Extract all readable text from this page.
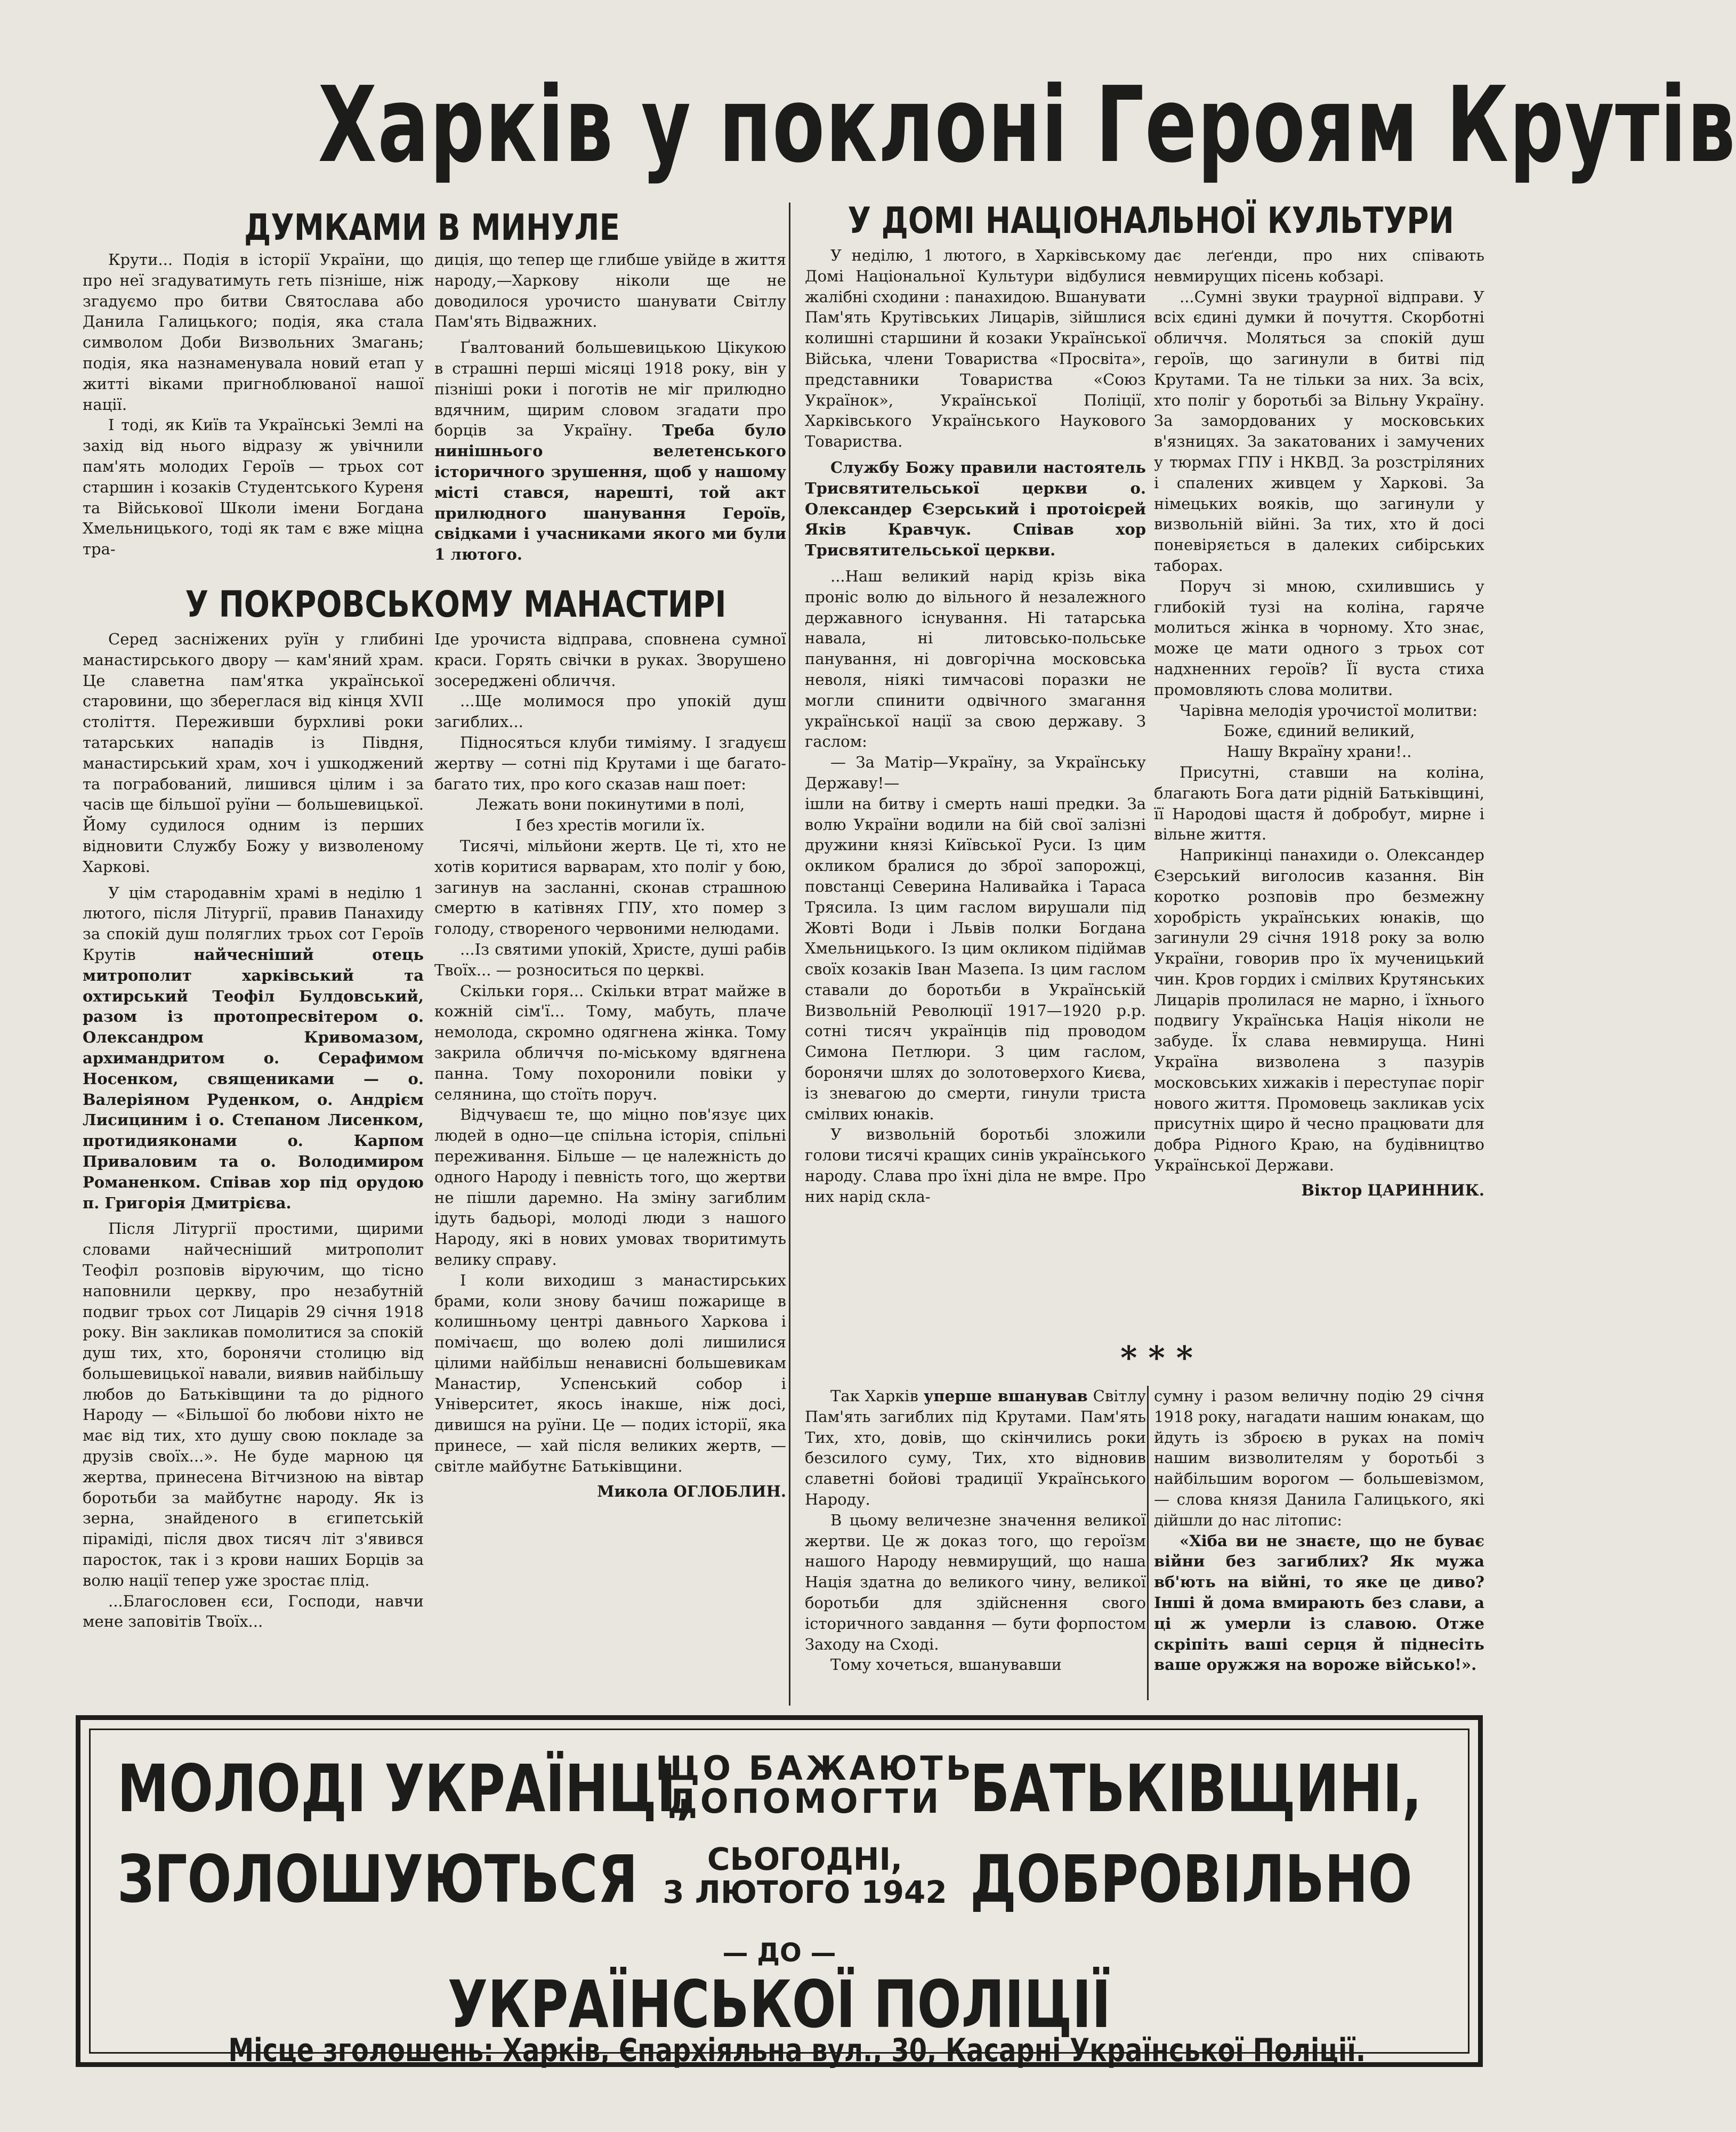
Харків у поклоні Героям Крутів
ДУМКАМИ В МИНУЛЕ

Крути... Подія в історії України, що про неї згадуватимуть геть пізніше, ніж згадуємо про битви Святослава або Данила Галицького; подія, яка стала символом Доби Визвольних Змагань; подія, яка назнаменувала новий етап у житті віками пригноблюваної нашої нації.

І тоді, як Київ та Українські Землі на захід від нього відразу ж увічнили пам'ять молодих Героїв — трьох сот старшин і козаків Студентського Куреня та Військової Школи імени Богдана Хмельницького, тоді як там є вже міцна тра-

диція, що тепер ще глибше увійде в життя народу,—Харкову ніколи ще не доводилося урочисто шанувати Світлу Пам'ять Відважних.

Ґвалтований большевицькою Цікукою в страшні перші місяці 1918 року, він у пізніші роки і поготів не міг прилюдно вдячним, щирим словом згадати про борців за Україну. Треба було нинішнього велетенського історичного зрушення, щоб у нашому місті стався, нарешті, той акт прилюдного шанування Героїв, свідками і учасниками якого ми були 1 лютого.

У ПОКРОВСЬКОМУ МАНАСТИРІ

Серед засніжених руїн у глибині манастирського двору — кам'яний храм. Це славетна пам'ятка української старовини, що збереглася від кінця XVII століття. Переживши бурхливі роки татарських нападів із Півдня, манастирський храм, хоч і ушкоджений та пограбований, лишився цілим і за часів ще більшої руїни — большевицької. Йому судилося одним із перших відновити Службу Божу у визволеному Харкові.

У цім стародавнім храмі в неділю 1 лютого, після Літургії, правив Панахиду за спокій душ поляглих трьох сот Героїв Крутів	найчесніший отець митрополит харківський та охтирський Теофіл Булдовський, разом із протопресвітером о. Олександром Кривомазом, архимандритом о. Серафимом Носенком, священиками — о. Валеріяном Руденком, о. Андрієм Лисициним і о. Степаном Лисенком, протидияконами о. Карпом Приваловим та о. Володимиром Романенком. Співав хор під орудою п. Григорія Дмитрієва.

Після Літургії простими, щирими словами найчесніший митрополит Теофіл розповів віруючим, що тісно наповнили церкву, про незабутній подвиг трьох сот Лицарів 29 січня 1918 року. Він закликав помолитися за спокій душ тих, хто, боронячи столицю від большевицької навали, виявив найбільшу любов до Батьківщини та до рідного Народу — «Більшої бо любови ніхто не має від тих, хто душу свою покладе за друзів своїх...». Не буде марною ця жертва, принесена Вітчизною на вівтар боротьби за майбутнє народу. Як із зерна, знайденого в єгипетській піраміді, після двох тисяч літ з'явився паросток, так і з крови наших Борців за волю нації тепер уже зростає плід.

...Благословен єси, Господи, навчи мене заповітів Твоїх...

Іде урочиста відправа, сповнена сумної краси. Горять свічки в руках. Зворушено зосереджені обличчя.

...Ще молимося про упокій душ загиблих...

Підносяться клуби тиміяму. І згадуєш жертву — сотні під Крутами і ще багато-багато тих, про кого сказав наш поет:

Лежать вони покинутими в полі,

І без хрестів могили їх.

Тисячі, мільйони жертв. Це ті, хто не хотів коритися варварам, хто поліг у бою, загинув на засланні, сконав страшною смертю в катівнях ГПУ, хто помер з голоду, створеного червоними нелюдами.

...Із святими упокій, Христе, душі рабів Твоїх... — розноситься по церкві.

Скільки горя... Скільки втрат майже в кожній сім'ї... Тому, мабуть, плаче немолода, скромно одягнена жінка. Тому закрила обличчя по-міському вдягнена панна. Тому похоронили повіки у селянина, що стоїть поруч.

Відчуваєш те, що міцно пов'язує цих людей в одно—це спільна історія, спільні переживання. Більше — це належність до одного Народу і певність того, що жертви не пішли даремно. На зміну загиблим ідуть бадьорі, молоді люди з нашого Народу, які в нових умовах творитимуть велику справу.

І коли виходиш з манастирських брами, коли знову бачиш пожарище в колишньому центрі давнього Харкова і помічаєш, що волею долі лишилися цілими найбільш ненависні большевикам Манастир, Успенський собор і Університет, якось інакше, ніж досі, дивишся на руїни. Це — подих історії, яка принесе, — хай після великих жертв, — світле майбутнє Батьківщини.

Микола ОГЛОБЛИН.

У ДОМІ НАЦІОНАЛЬНОЇ КУЛЬТУРИ

У неділю, 1 лютого, в Харківському Домі Національної Культури відбулися жалібні сходини : панахидою. Вшанувати Пам'ять Крутівських Лицарів, зійшлися колишні старшини й козаки Української Війська, члени Товариства «Просвіта», представники Товариства «Союз Українок», Української Поліції, Харківського Українського Наукового Товариства.

Службу Божу правили настоятель Трисвятительської церкви о. Олександер Єзерський і протоієрей Яків Кравчук. Співав хор Трисвятительської церкви.

...Наш великий нарід крізь віка проніс волю до вільного й незалежного державного існування. Ні татарська навала, ні литовсько-польське панування, ні довгорічна московська неволя, ніякі тимчасові поразки не могли спинити одвічного змагання української нації за свою державу. З гаслом:

— За Матір—Україну, за Українську Державу!—

ішли на битву і смерть наші предки. За волю України водили на бій свої залізні дружини князі Київської Руси. Із цим окликом бралися до зброї запорожці, повстанці Северина Наливайка і Тараса Трясила. Із цим гаслом вирушали під Жовті Води і Львів полки Богдана Хмельницького. Із цим окликом підіймав своїх козаків Іван Мазепа. Із цим гаслом ставали до боротьби в Українській Визвольній Революції 1917—1920 р.р. сотні тисяч українців під проводом Симона Петлюри. З цим гаслом, боронячи шлях до золотоверхого Києва, із зневагою до смерти, гинули триста смілвих юнаків.

У визвольній боротьбі зложили голови тисячі кращих синів українського народу. Слава про їхні діла не вмре. Про них нарід скла-

дає леґенди, про них співають невмирущих пісень кобзарі.

...Сумні звуки траурної відправи. У всіх єдині думки й почуття. Скорботні обличчя. Моляться за спокій душ героїв, що загинули в битві під Крутами. Та не тільки за них. За всіх, хто поліг у боротьбі за Вільну Україну. За замордованих у московських в'язницях. За закатованих і замучених у тюрмах ГПУ і НКВД. За розстріляних і спалених живцем у Харкові. За німецьких вояків, що загинули у визвольній війні. За тих, хто й досі поневіряється в далеких сибірських таборах.

Поруч зі мною, схилившись у глибокій тузі на коліна, гаряче молиться жінка в чорному. Хто знає, може це мати одного з трьох сот надхненних героїв? Її вуста стиха промовляють слова молитви.

Чарівна мелодія урочистої молитви:

Боже, єдиний великий,

Нашу Вкраїну храни!..

Присутні, ставши на коліна, благають Бога дати рідній Батьківщині, її Народові щастя й добробут, мирне і вільне життя.

Наприкінці панахиди о. Олександер Єзерський виголосив казання. Він коротко розповів про безмежну хоробрість українських юнаків, що загинули 29 січня 1918 року за волю України, говорив про їх мученицький чин. Кров гордих і смілвих Крутянських Лицарів пролилася не марно, і їхнього подвигу Українська Нація ніколи не забуде. Їх слава невмируща. Нині Україна визволена з пазурів московських хижаків і переступає поріг нового життя. Промовець закликав усіх присутніх щиро й чесно працювати для добра Рідного Краю, на будівництво Української Держави.

Віктор ЦАРИННИК.

* * *

Так Харків уперше вшанував Світлу Пам'ять загиблих під Крутами. Пам'ять Тих, хто, довів, що скінчились роки безсилого суму, Тих, хто відновив славетні бойові традиції Українського Народу.

В цьому величезне значення великої жертви. Це ж доказ того, що героїзм нашого Народу невмирущий, що наша Нація здатна до великого чину, великої боротьби для здійснення свого історичного завдання — бути форпостом Заходу на Сході.

Тому хочеться, вшанувавши

сумну і разом величну подію 29 січня 1918 року, нагадати нашим юнакам, що йдуть із зброєю в руках на поміч нашим визволителям у боротьбі з найбільшим ворогом — большевізмом, — слова князя Данила Галицького, які дійшли до нас літопис:

«Хіба ви не знаєте, що не буває війни без загиблих? Як мужа вб'ють на війні, то яке це диво? Інші й дома вмирають без слави, а ці ж умерли із славою. Отже скріпіть ваші серця й піднесіть ваше оружжя на вороже військо!».

МОЛОДІ УКРАЇНЦІ,
ЩО БАЖАЮТЬ
ДОПОМОГТИ БАТЬКІВЩИНІ,
ЗГОЛОШУЮТЬСЯ	СЬОГОДНІ,
3 ЛЮТОГО 1942 ДОБРОВІЛЬНО
— ДО —
УКРАЇНСЬКОЇ ПОЛІЦІЇ
Місце зголошень: Харків, Єпархіяльна вул., 30, Касарні Української Поліції.
